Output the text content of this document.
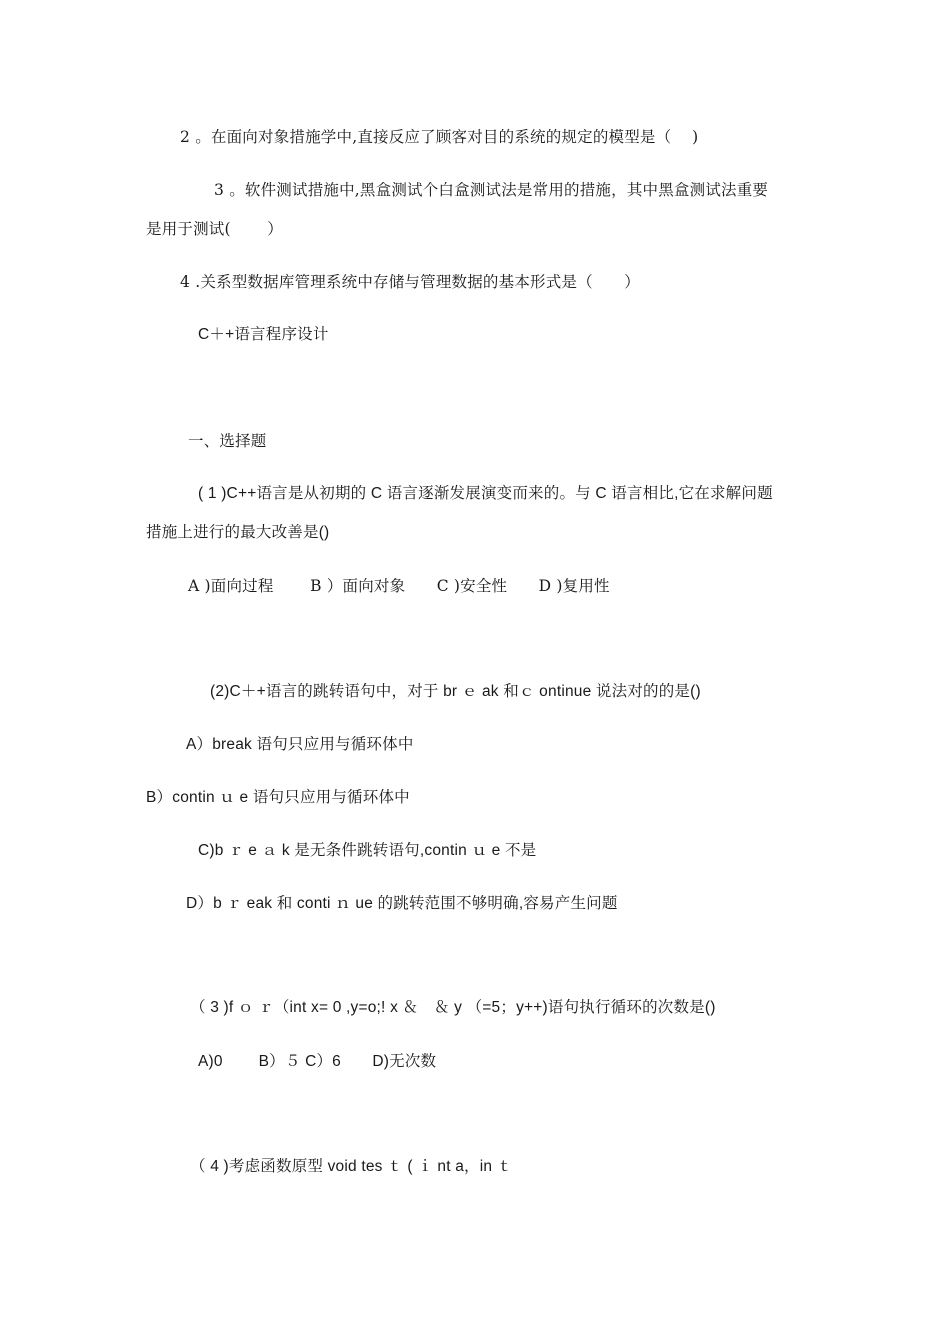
2 。在面向对象措施学中,直接反应了顾客对目的系统的规定的模型是（　 )
3 。软件测试措施中,黑盒测试个白盒测试法是常用的措施，其中黑盒测试法重要
是用于测试(　　 ）
4 .关系型数据库管理系统中存储与管理数据的基本形式是（　　）
C＋+语言程序设计
一、选择题
( 1 )C++语言是从初期的 C 语言逐渐发展演变而来的。与 C 语言相比,它在求解问题
措施上进行的最大改善是()
A )面向过程　　 B ）面向对象　　C )安全性　　D )复用性
(2)C＋+语言的跳转语句中，对于 br ｅ ak 和ｃ ontinue 说法对的的是()
A）break 语句只应用与循环体中
B）contin ｕ e 语句只应用与循环体中
C)b ｒ e ａ k 是无条件跳转语句,contin ｕ e 不是
D）b ｒ eak 和 conti ｎ ue 的跳转范围不够明确,容易产生问题
（ 3 )f ｏ ｒ（int x= 0 ,y=o;! x ＆　＆ y （=5；y++)语句执行循环的次数是()
A)0　　 B）５ C）6　　D)无次数
（ 4 )考虑函数原型 void tes ｔ ( ｉ nt a，in ｔ
